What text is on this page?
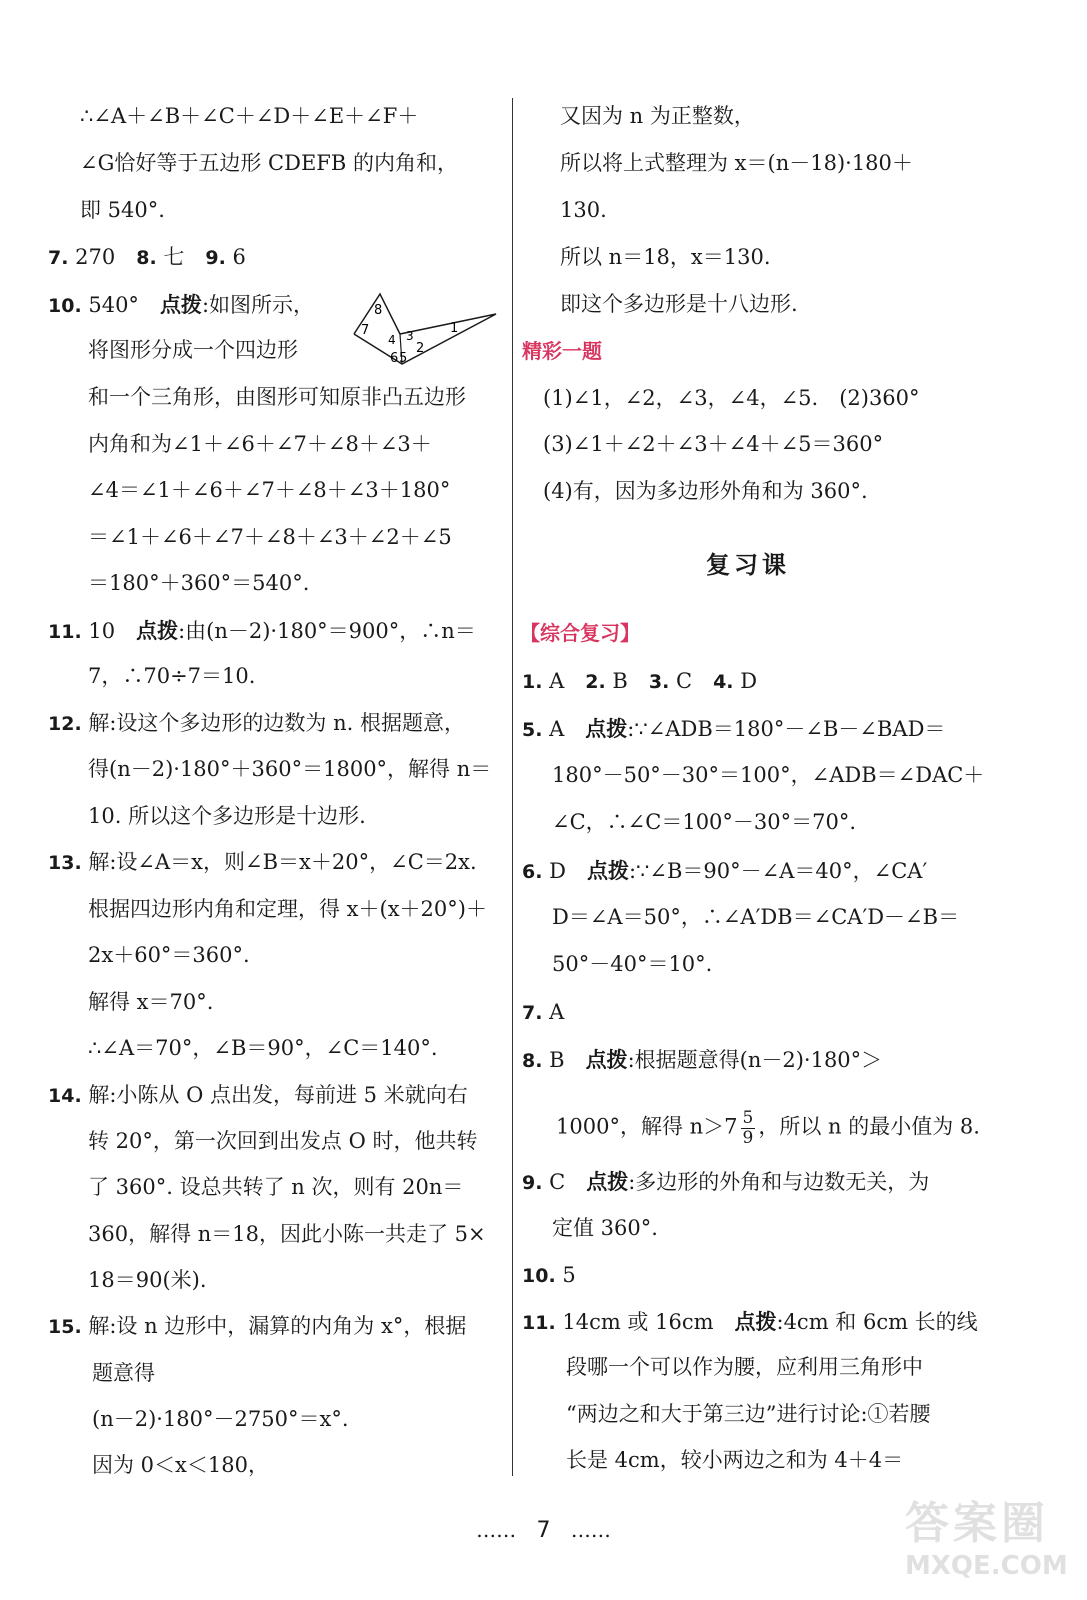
∴∠A＋∠B＋∠C＋∠D＋∠E＋∠F＋
∠G恰好等于五边形 CDEFB 的内角和，
即 540°.
7. 270　8. 七　9. 6
10. 540°　点拨:如图所示，
将图形分成一个四边形
和一个三角形，由图形可知原非凸五边形
内角和为∠1＋∠6＋∠7＋∠8＋∠3＋
∠4＝∠1＋∠6＋∠7＋∠8＋∠3＋180°
＝∠1＋∠6＋∠7＋∠8＋∠3＋∠2＋∠5
＝180°＋360°＝540°.
11. 10　点拨:由(n－2)·180°＝900°，∴n＝
7，∴70÷7＝10.
12. 解:设这个多边形的边数为 n. 根据题意，
得(n－2)·180°＋360°＝1800°，解得 n＝
10. 所以这个多边形是十边形.
13. 解:设∠A＝x，则∠B＝x＋20°，∠C＝2x.
根据四边形内角和定理，得 x＋(x＋20°)＋
2x＋60°＝360°.
解得 x＝70°.
∴∠A＝70°，∠B＝90°，∠C＝140°.
14. 解:小陈从 O 点出发，每前进 5 米就向右
转 20°，第一次回到出发点 O 时，他共转
了 360°. 设总共转了 n 次，则有 20n＝
360，解得 n＝18，因此小陈一共走了 5×
18＝90(米).
15. 解:设 n 边形中，漏算的内角为 x°，根据
题意得
(n－2)·180°－2750°＝x°.
因为 0＜x＜180，
又因为 n 为正整数，
所以将上式整理为 x＝(n－18)·180＋
130.
所以 n＝18，x＝130.
即这个多边形是十八边形.
精彩一题
(1)∠1，∠2，∠3，∠4，∠5.　(2)360°
(3)∠1＋∠2＋∠3＋∠4＋∠5＝360°
(4)有，因为多边形外角和为 360°.
复习课
【综合复习】
1. A　2. B　3. C　4. D
5. A　点拨:∵∠ADB＝180°－∠B－∠BAD＝
180°－50°－30°＝100°，∠ADB＝∠DAC＋
∠C，∴∠C＝100°－30°＝70°.
6. D　点拨:∵∠B＝90°－∠A＝40°，∠CA′
D＝∠A＝50°，∴∠A′DB＝∠CA′D－∠B＝
50°－40°＝10°.
7. A
8. B　点拨:根据题意得(n－2)·180°＞
1000°，解得 $n>7 \frac{5}{9}$ ，所以 n 的最小值为 8.
9. C　点拨:多边形的外角和与边数无关，为
定值 360°.
10. 5
11. 14cm 或 16cm　点拨:4cm 和 6cm 长的线
段哪一个可以作为腰，应利用三角形中
“两边之和大于第三边”进行讨论:①若腰
长是 4cm，较小两边之和为 4＋4＝
8
7
4 3	1
2
6 5
…… 7 ……	答案圈
MXQE.COM
